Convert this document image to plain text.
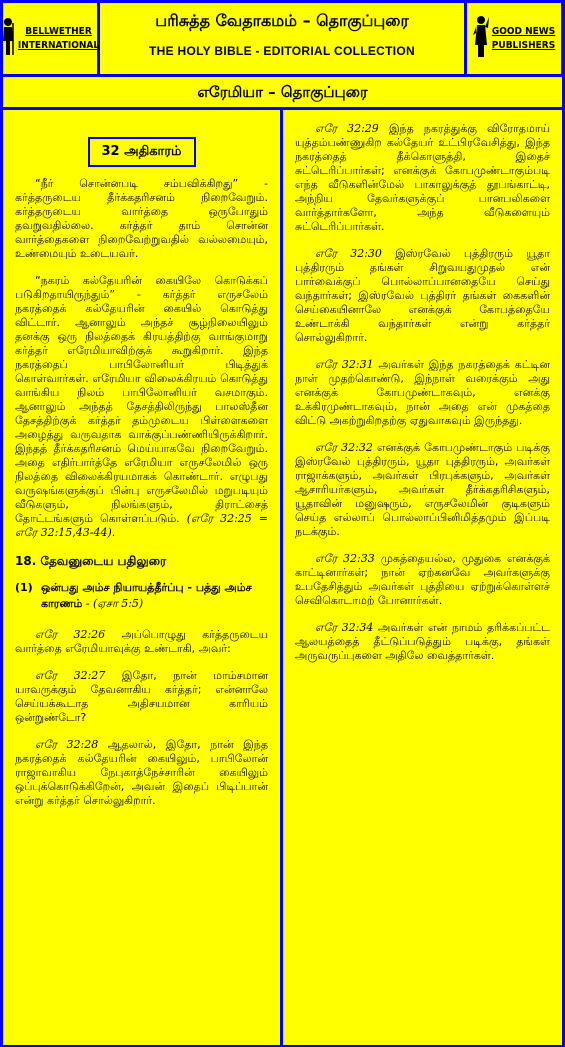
BELLWETHER
INTERNATIONAL
பரிசுத்த வேதாகமம் – தொகுப்புரை
THE HOLY BIBLE - EDITORIAL COLLECTION
GOOD NEWS
PUBLISHERS
எரேமியா – தொகுப்புரை
32 அதிகாரம்

“நீர் சொன்னபடி சம்பவிக்கிறது” - கர்த்தருடைய தீர்க்கதரிசனம் நிறைவேறும். கர்த்தருடைய வார்த்தை ஒருபோதும் தவறுவதில்லை. கர்த்தர் தாம் சொன்ன வார்த்தைகளை நிறைவேற்றுவதில் வல்லமையும், உண்மையும் உடையவர்.

“நகரம் கல்தேயரின் கையிலே கொடுக்கப் படுகிறதாயிருந்தும்” - கர்த்தர் எருசலேம் நகரத்தைக் கல்தேயரின் கையில் கொடுத்து விட்டார். ஆனாலும் அந்தச் சூழ்நிலையிலும் தனக்கு ஒரு நிலத்தைக் கிரயத்திற்கு வாங்குமாறு கர்த்தர் எரேமியாவிற்குக் கூறுகிறார். இந்த நகரத்தைப் பாபிலோனியர் பிடித்துக் கொள்வார்கள். எரேமியா விலைக்கிரயம் கொடுத்து வாங்கிய நிலம் பாபிலோனியர் வசமாகும். ஆனாலும் அந்தத் தேசத்திலிருந்து பாலஸ்தீன தேசத்திற்குக் கர்த்தர் தம்முடைய பிள்ளைகளை அழைத்து வருவதாக வாக்குப்பண்ணியிருக்கிறார். இந்தத் தீர்க்கதரிசனம் மெய்யாகவே நிறைவேறும். அதை எதிர்பார்த்தே எரேமியா எருசலேமில் ஒரு நிலத்தை விலைக்கிரயமாகக் கொண்டார். எழுபது வருஷங்களுக்குப் பின்பு எருசலேமில் மறுபடியும் வீடுகளும், நிலங்களும், திராட்சைத் தோட்டங்களும் கொள்ளப்படும். (எரே 32:25 = எரே 32:15,43-44).

18. தேவனுடைய பதிலுரை
(1) ஒன்பது அம்ச நியாயத்தீர்ப்பு - பத்து அம்ச காரணம் - (ஏசா 5:5)

எரே 32:26 அப்பொழுது கர்த்தருடைய வார்த்தை எரேமியாவுக்கு உண்டாகி, அவர்:

எரே 32:27 இதோ, நான் மாம்சமான யாவருக்கும் தேவனாகிய கர்த்தர்; என்னாலே செய்யக்கூடாத அதிசயமான காரியம் ஒன்றுண்டோ?

எரே 32:28 ஆதலால், இதோ, நான் இந்த நகரத்தைக் கல்தேயரின் கையிலும், பாபிலோன் ராஜாவாகிய நேபுகாத்நேச்சாரின் கையிலும் ஒப்புக்கொடுக்கிறேன், அவன் இதைப் பிடிப்பான் என்று கர்த்தர் சொல்லுகிறார்.

எரே 32:29 இந்த நகரத்துக்கு விரோதமாய் யுத்தம்பண்ணுகிற கல்தேயர் உட்பிரவேசித்து, இந்த நகரத்தைத் தீக்கொளுத்தி, இதைச் சுட்டெரிப்பார்கள்; எனக்குக் கோபமுண்டாகும்படி எந்த வீடுகளின்மேல் பாகாலுக்குத் தூபங்காட்டி, அந்நிய தேவர்களுக்குப் பானபலிகளை வார்த்தார்களோ, அந்த வீடுகளையும் சுட்டெரிப்பார்கள்.

எரே 32:30 இஸ்ரவேல் புத்திரரும் யூதா புத்திரரும் தங்கள் சிறுவயதுமுதல் என் பார்வைக்குப் பொல்லாப்பானதையே செய்து வந்தார்கள்; இஸ்ரவேல் புத்திரர் தங்கள் கைகளின் செய்கையினாலே எனக்குக் கோபத்தையே உண்டாக்கி வந்தார்கள் என்று கர்த்தர் சொல்லுகிறார்.

எரே 32:31 அவர்கள் இந்த நகரத்தைக் கட்டின நாள் முதற்கொண்டு, இந்நாள் வரைக்கும் அது எனக்குக் கோபமுண்டாகவும், எனக்கு உக்கிரமுண்டாகவும், நான் அதை என் முகத்தை விட்டு அகற்றுகிறதற்கு ஏதுவாகவும் இருந்தது.

எரே 32:32 எனக்குக் கோபமுண்டாகும் படிக்கு இஸ்ரவேல் புத்திரரும், யூதா புத்திரரும், அவர்கள் ராஜாக்களும், அவர்கள் பிரபுக்களும், அவர்கள் ஆசாரியர்களும், அவர்கள் தீர்க்கதரிசிகளும், யூதாவின் மனுஷரும், எருசலேமின் குடிகளும் செய்த எல்லாப் பொல்லாப்பினிமித்தமும் இப்படி நடக்கும்.

எரே 32:33 முகத்தையல்ல, முதுகை எனக்குக் காட்டினார்கள்; நான் ஏற்கனவே அவர்களுக்கு உபதேசித்தும் அவர்கள் புத்தியை ஏற்றுக்கொள்ளச் செவிகொடாமற் போனார்கள்.

எரே 32:34 அவர்கள் என் நாமம் தரிக்கப்பட்ட ஆலயத்தைத் தீட்டுப்படுத்தும் படிக்கு, தங்கள் அருவருப்புகளை அதிலே வைத்தார்கள்.
